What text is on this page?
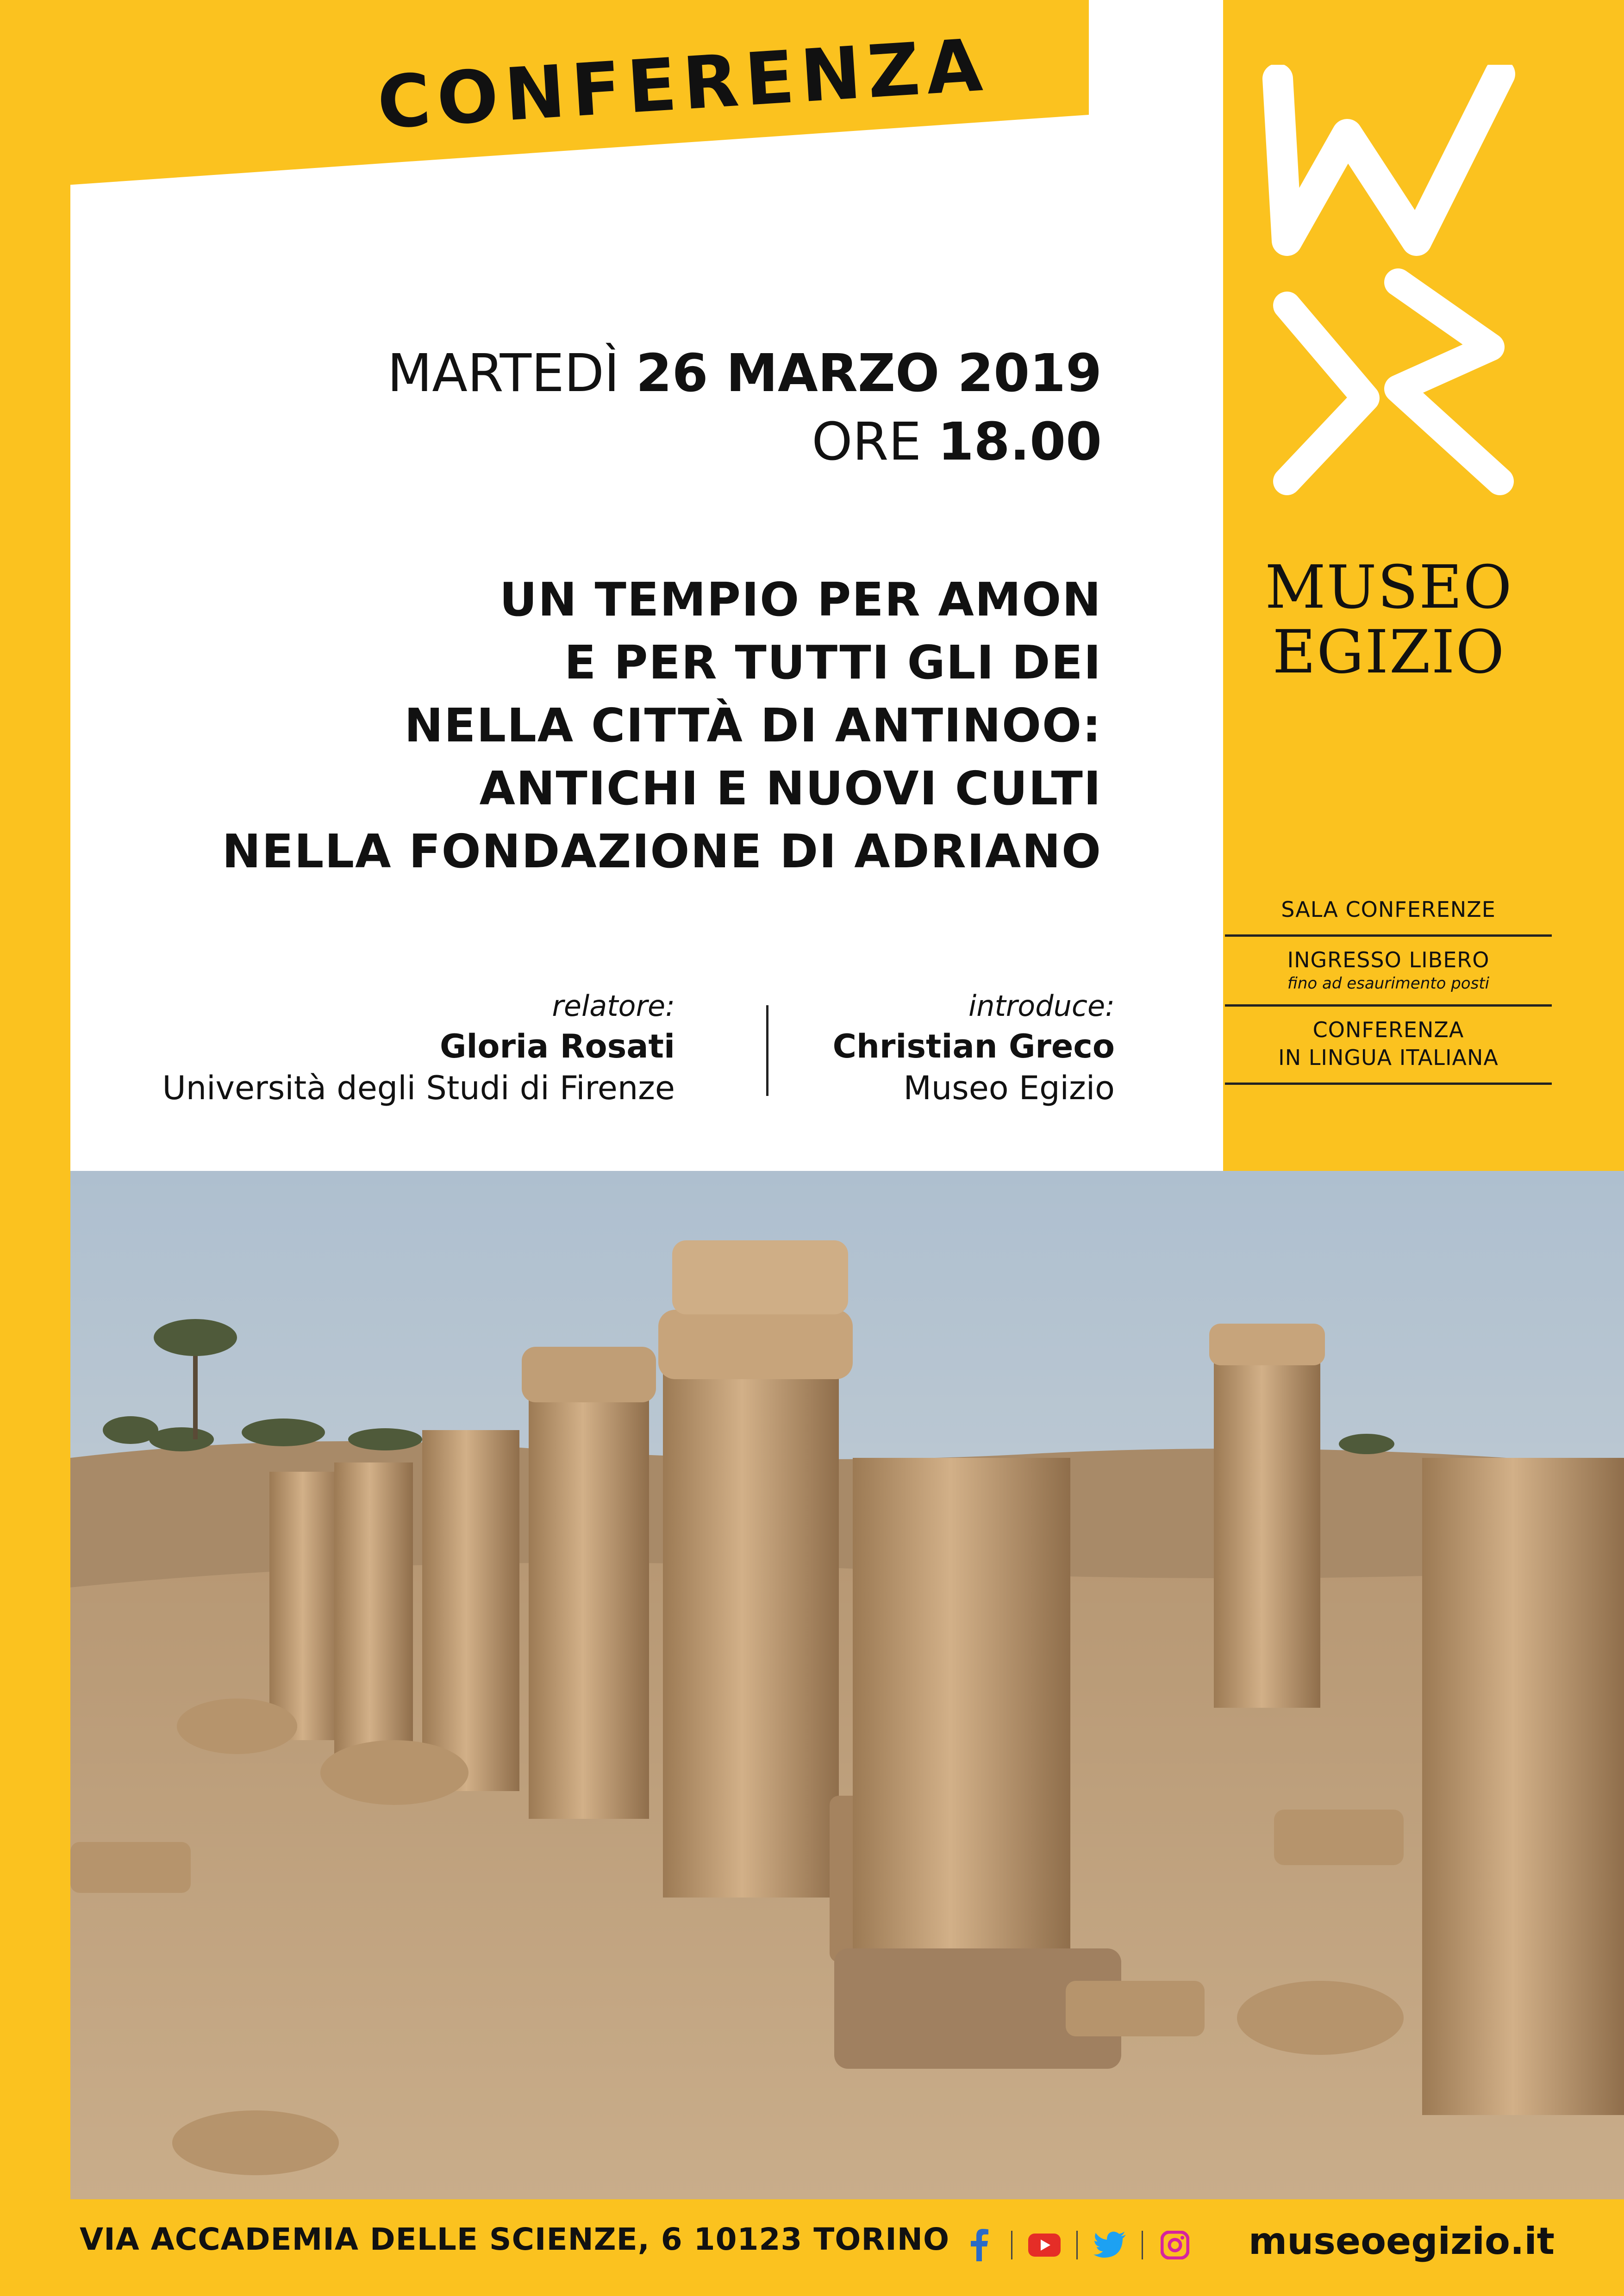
CONFERENZA
MARTEDÌ 26 MARZO 2019
ORE 18.00
UN TEMPIO PER AMON
E PER TUTTI GLI DEI
NELLA CITTÀ DI ANTINOO:
ANTICHI E NUOVI CULTI
NELLA FONDAZIONE DI ADRIANO
relatore:
Gloria Rosati
Università degli Studi di Firenze
introduce:
Christian Greco
Museo Egizio
MUSEO
EGIZIO
SALA CONFERENZE
INGRESSO LIBERO
fino ad esaurimento posti
CONFERENZA
IN LINGUA ITALIANA
VIA ACCADEMIA DELLE SCIENZE, 6 10123 TORINO	museoegizio.it
